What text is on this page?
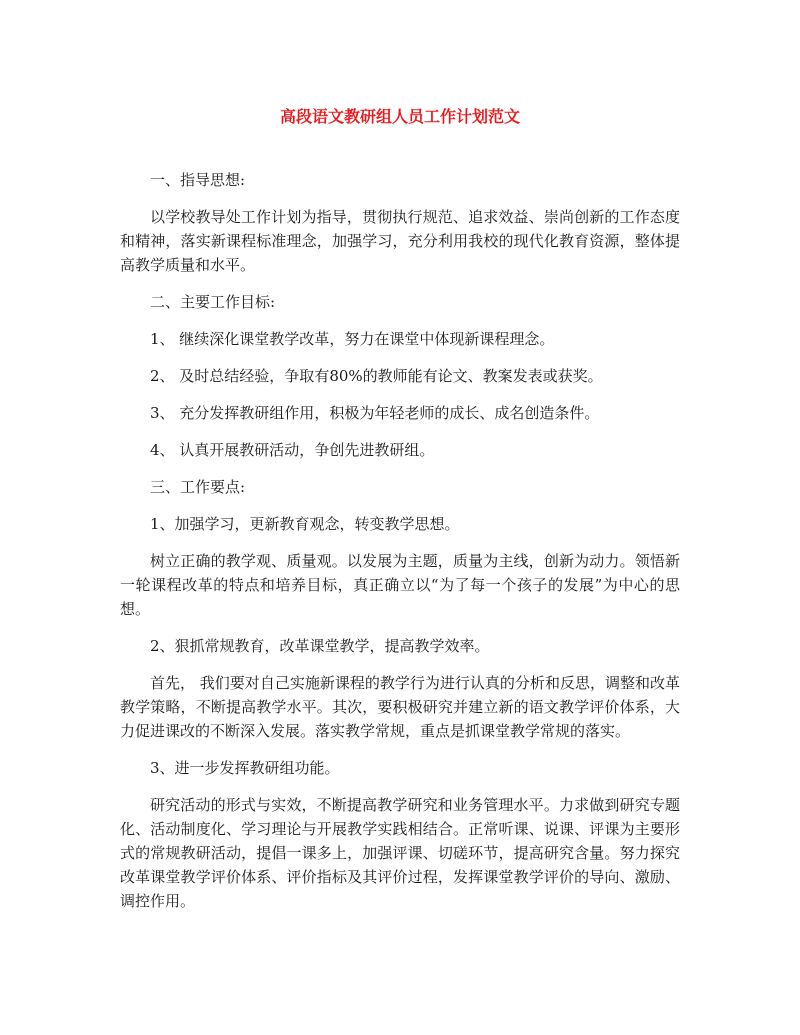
高段语文教研组人员工作计划范文

一、指导思想:

以学校教导处工作计划为指导，贯彻执行规范、追求效益、崇尚创新的工作态度和精神，落实新课程标准理念，加强学习，充分利用我校的现代化教育资源，整体提高教学质量和水平。

二、主要工作目标:

1、 继续深化课堂教学改革，努力在课堂中体现新课程理念。

2、 及时总结经验，争取有80%的教师能有论文、教案发表或获奖。

3、 充分发挥教研组作用，积极为年轻老师的成长、成名创造条件。

4、 认真开展教研活动，争创先进教研组。

三、工作要点:

1、加强学习，更新教育观念，转变教学思想。

树立正确的教学观、质量观。以发展为主题，质量为主线，创新为动力。领悟新一轮课程改革的特点和培养目标，真正确立以“为了每一个孩子的发展”为中心的思想。

2、狠抓常规教育，改革课堂教学，提高教学效率。

首先， 我们要对自己实施新课程的教学行为进行认真的分析和反思，调整和改革教学策略，不断提高教学水平。其次，要积极研究并建立新的语文教学评价体系，大力促进课改的不断深入发展。落实教学常规，重点是抓课堂教学常规的落实。

3、进一步发挥教研组功能。

研究活动的形式与实效，不断提高教学研究和业务管理水平。力求做到研究专题化、活动制度化、学习理论与开展教学实践相结合。正常听课、说课、评课为主要形式的常规教研活动，提倡一课多上，加强评课、切磋环节，提高研究含量。努力探究改革课堂教学评价体系、评价指标及其评价过程，发挥课堂教学评价的导向、激励、调控作用。
